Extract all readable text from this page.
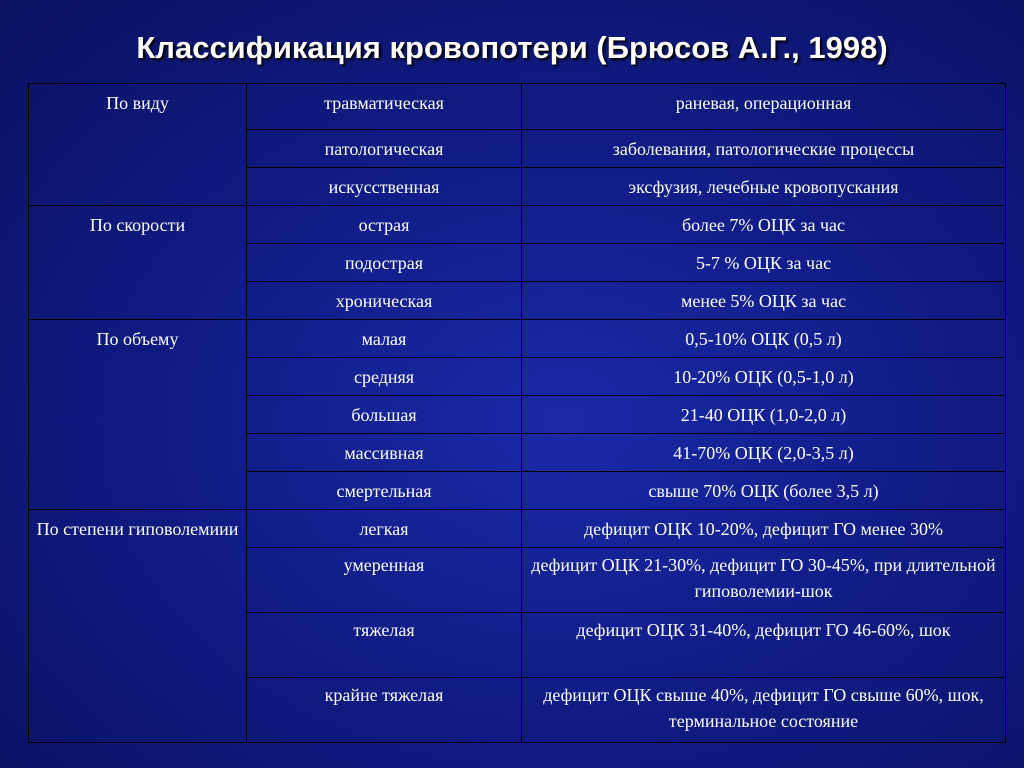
Классификация кровопотери (Брюсов А.Г., 1998)
По виду	травматическая	раневая, операционная
	патологическая	заболевания, патологические процессы
	искусственная	эксфузия, лечебные кровопускания
По скорости	острая	более 7% ОЦК за час
	подострая	5-7 % ОЦК за час
	хроническая	менее 5% ОЦК за час
По объему	малая	0,5-10% ОЦК (0,5 л)
	средняя	10-20% ОЦК (0,5-1,0 л)
	большая	21-40 ОЦК (1,0-2,0 л)
	массивная	41-70% ОЦК (2,0-3,5 л)
	смертельная	свыше 70% ОЦК (более 3,5 л)
По степени гиповолемиии	легкая	дефицит ОЦК 10-20%, дефицит ГО менее 30%
	умеренная	дефицит ОЦК 21-30%, дефицит ГО 30-45%, при длительной гиповолемии-шок
	тяжелая	дефицит ОЦК 31-40%, дефицит ГО 46-60%, шок
	крайне тяжелая	дефицит ОЦК свыше 40%, дефицит ГО свыше 60%, шок, терминальное состояние
